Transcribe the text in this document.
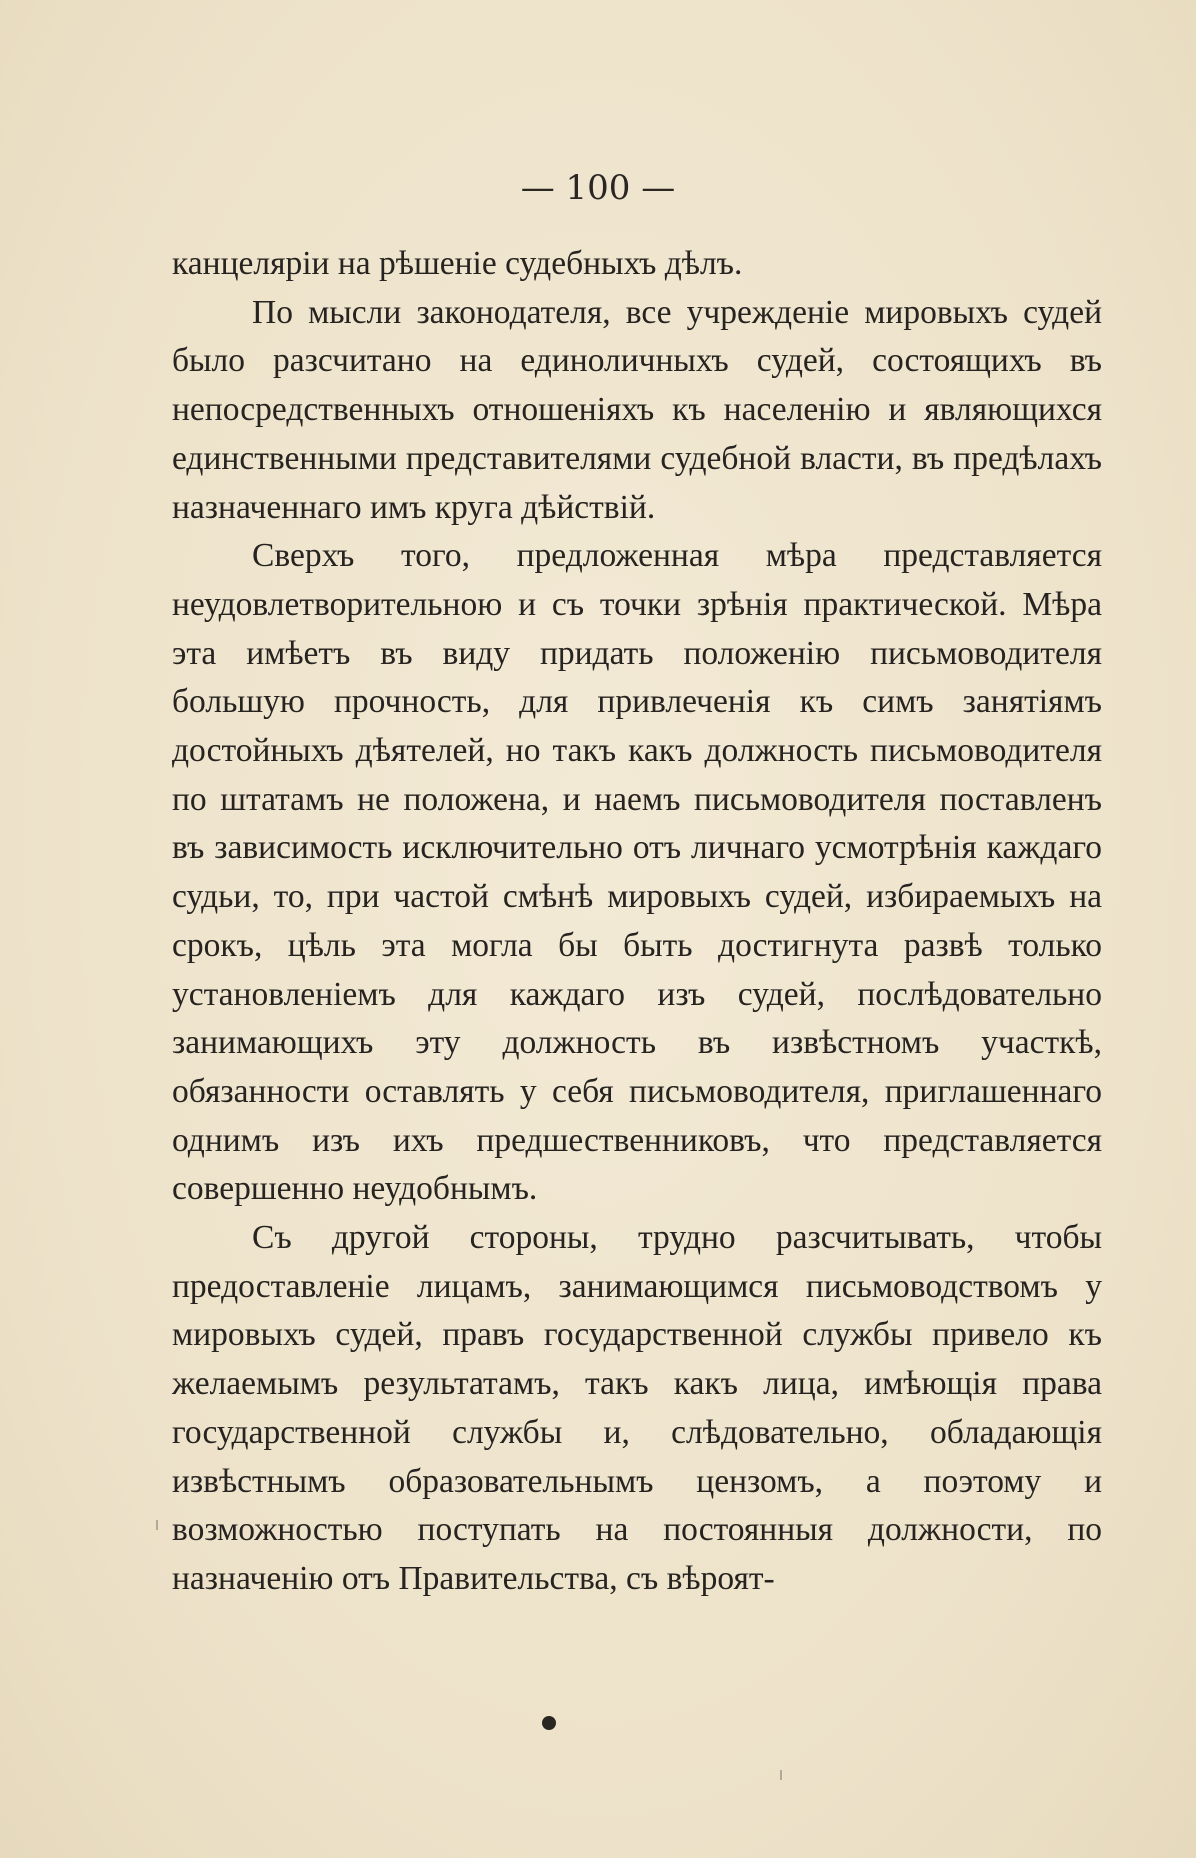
— 100 —

канцеляріи на рѣшеніе судебныхъ дѣлъ.

По мысли законодателя, все учрежденіе мировыхъ судей было разсчитано на единоличныхъ судей, состоящихъ въ непосредственныхъ отношеніяхъ къ населенію и являющихся единственными представителями судебной власти, въ предѣлахъ назначеннаго имъ круга дѣйствій.

Сверхъ того, предложенная мѣра представляется неудовлетворительною и съ точки зрѣнія практической. Мѣра эта имѣетъ въ виду придать положенію письмоводителя большую прочность, для привлеченія къ симъ занятіямъ достойныхъ дѣятелей, но такъ какъ должность письмоводителя по штатамъ не положена, и наемъ письмоводителя поставленъ въ зависимость исключительно отъ личнаго усмотрѣнія каждаго судьи, то, при частой смѣнѣ мировыхъ судей, избираемыхъ на срокъ, цѣль эта могла бы быть достигнута развѣ только установленіемъ для каждаго изъ судей, послѣдовательно занимающихъ эту должность въ извѣстномъ участкѣ, обязанности оставлять у себя письмоводителя, приглашеннаго однимъ изъ ихъ предшественниковъ, что представляется совершенно неудобнымъ.

Съ другой стороны, трудно разсчитывать, чтобы предоставленіе лицамъ, занимающимся письмоводствомъ у мировыхъ судей, правъ государственной службы привело къ желаемымъ результатамъ, такъ какъ лица, имѣющія права государственной службы и, слѣдовательно, обладающія извѣстнымъ образовательнымъ цензомъ, а поэтому и возможностью поступать на постоянныя должности, по назначенію отъ Правительства, съ вѣроят-
